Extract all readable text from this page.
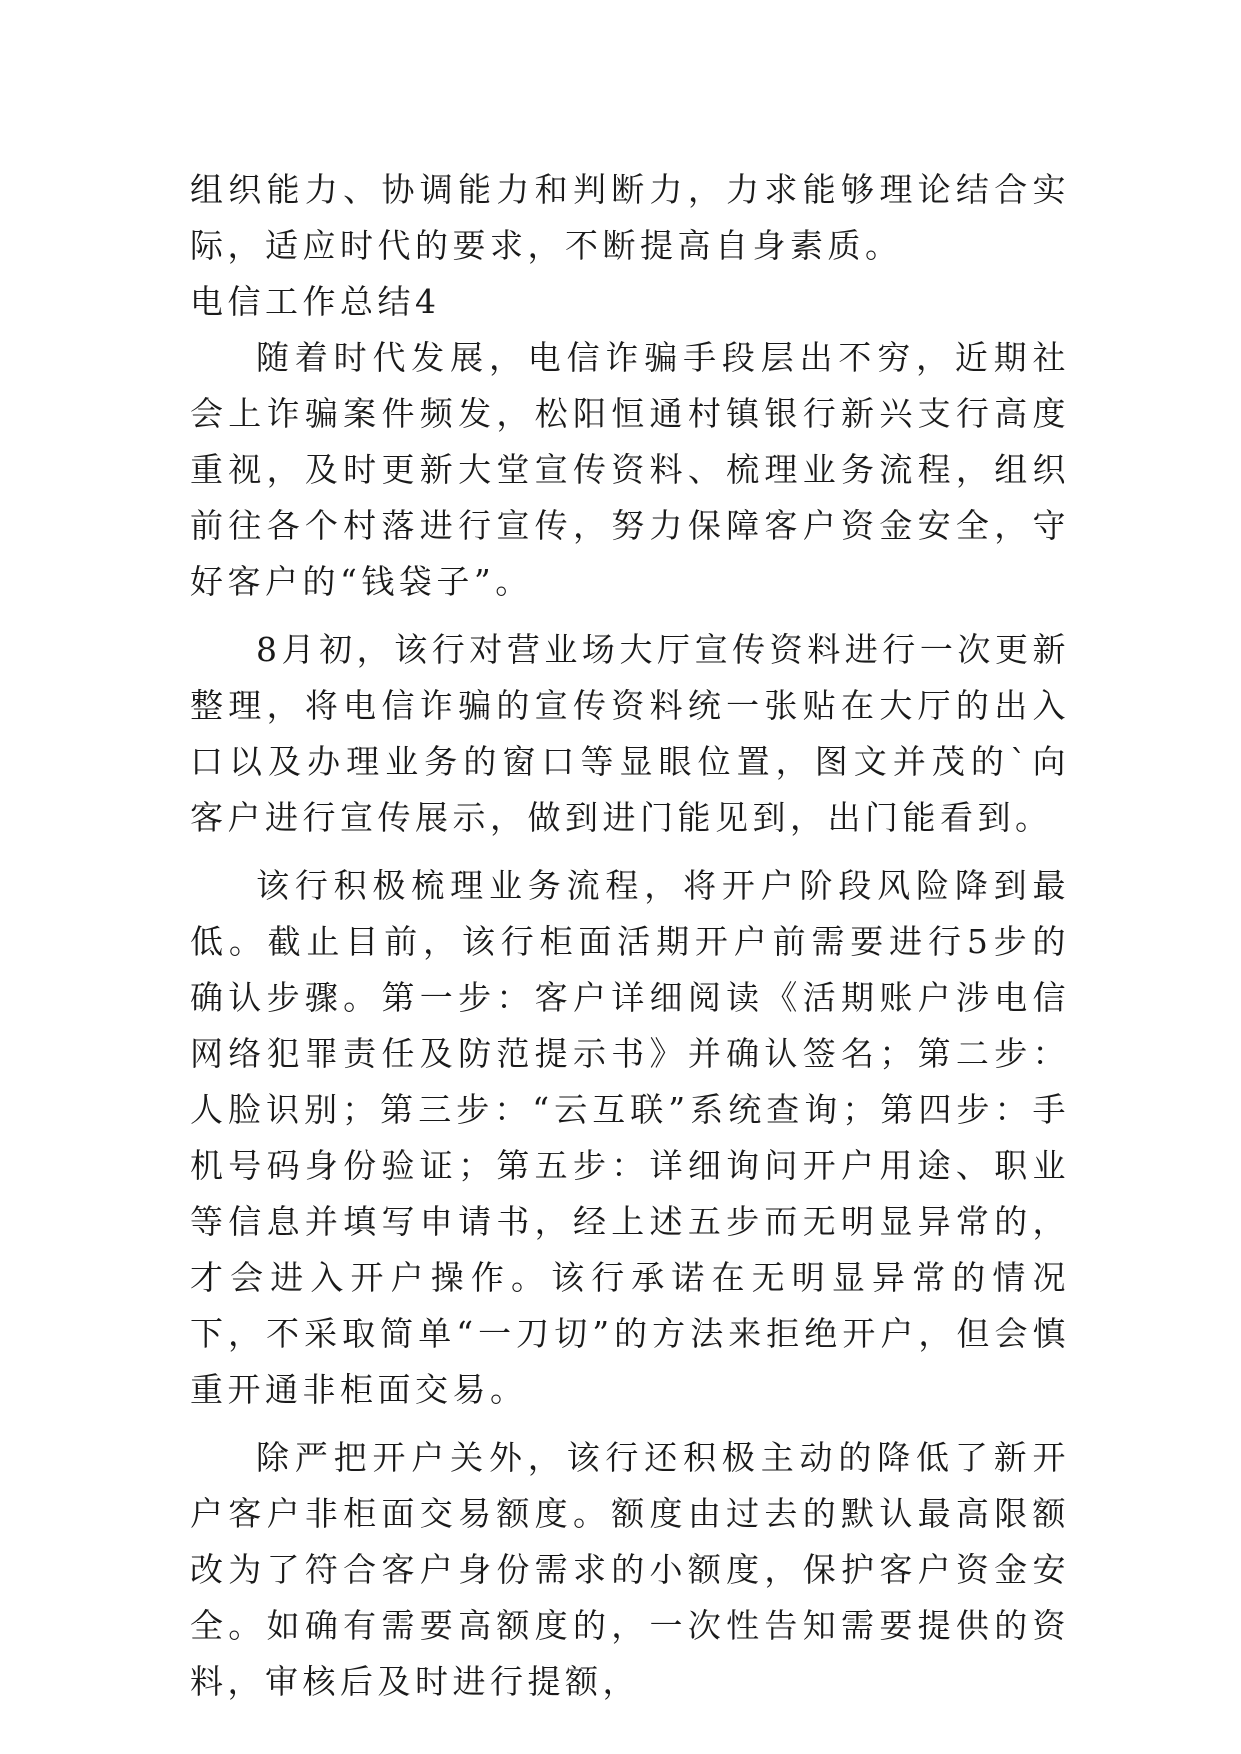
组织能力、协调能力和判断力，力求能够理论结合实际，适应时代的要求，不断提高自身素质。

电信工作总结4

随着时代发展，电信诈骗手段层出不穷，近期社会上诈骗案件频发，松阳恒通村镇银行新兴支行高度重视，及时更新大堂宣传资料、梳理业务流程，组织前往各个村落进行宣传，努力保障客户资金安全，守好客户的“钱袋子”。

8月初，该行对营业场大厅宣传资料进行一次更新整理，将电信诈骗的宣传资料统一张贴在大厅的出入口以及办理业务的窗口等显眼位置，图文并茂的`向客户进行宣传展示，做到进门能见到，出门能看到。

该行积极梳理业务流程，将开户阶段风险降到最低。截止目前，该行柜面活期开户前需要进行5步的确认步骤。第一步：客户详细阅读《活期账户涉电信网络犯罪责任及防范提示书》并确认签名；第二步：人脸识别；第三步：“云互联”系统查询；第四步：手机号码身份验证；第五步：详细询问开户用途、职业等信息并填写申请书，经上述五步而无明显异常的，才会进入开户操作。该行承诺在无明显异常的情况下，不采取简单“一刀切”的方法来拒绝开户，但会慎重开通非柜面交易。

除严把开户关外，该行还积极主动的降低了新开户客户非柜面交易额度。额度由过去的默认最高限额改为了符合客户身份需求的小额度，保护客户资金安全。如确有需要高额度的，一次性告知需要提供的资料，审核后及时进行提额，
